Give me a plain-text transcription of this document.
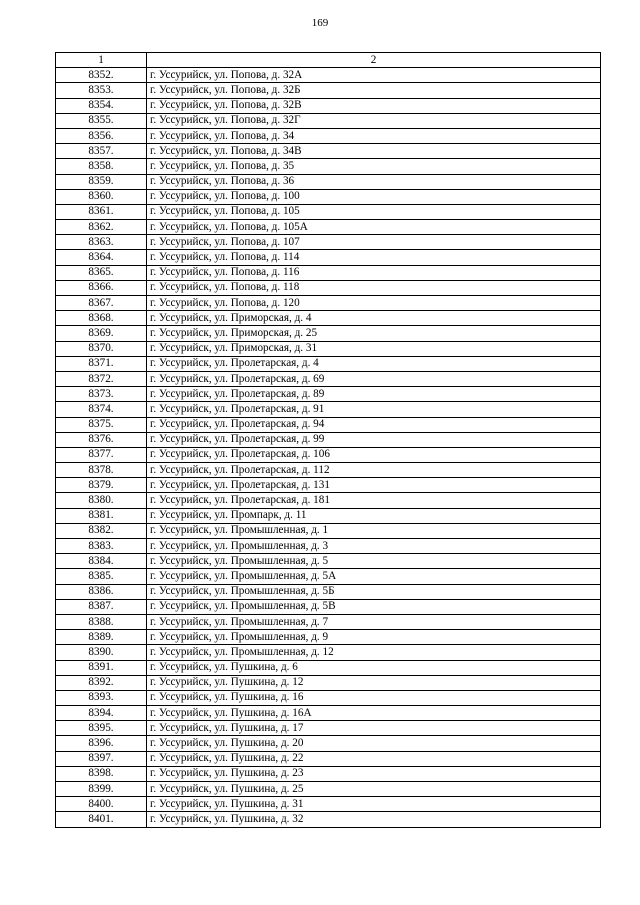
169
1	2
8352.	г. Уссурийск, ул. Попова, д. 32А
8353.	г. Уссурийск, ул. Попова, д. 32Б
8354.	г. Уссурийск, ул. Попова, д. 32В
8355.	г. Уссурийск, ул. Попова, д. 32Г
8356.	г. Уссурийск, ул. Попова, д. 34
8357.	г. Уссурийск, ул. Попова, д. 34В
8358.	г. Уссурийск, ул. Попова, д. 35
8359.	г. Уссурийск, ул. Попова, д. 36
8360.	г. Уссурийск, ул. Попова, д. 100
8361.	г. Уссурийск, ул. Попова, д. 105
8362.	г. Уссурийск, ул. Попова, д. 105А
8363.	г. Уссурийск, ул. Попова, д. 107
8364.	г. Уссурийск, ул. Попова, д. 114
8365.	г. Уссурийск, ул. Попова, д. 116
8366.	г. Уссурийск, ул. Попова, д. 118
8367.	г. Уссурийск, ул. Попова, д. 120
8368.	г. Уссурийск, ул. Приморская, д. 4
8369.	г. Уссурийск, ул. Приморская, д. 25
8370.	г. Уссурийск, ул. Приморская, д. 31
8371.	г. Уссурийск, ул. Пролетарская, д. 4
8372.	г. Уссурийск, ул. Пролетарская, д. 69
8373.	г. Уссурийск, ул. Пролетарская, д. 89
8374.	г. Уссурийск, ул. Пролетарская, д. 91
8375.	г. Уссурийск, ул. Пролетарская, д. 94
8376.	г. Уссурийск, ул. Пролетарская, д. 99
8377.	г. Уссурийск, ул. Пролетарская, д. 106
8378.	г. Уссурийск, ул. Пролетарская, д. 112
8379.	г. Уссурийск, ул. Пролетарская, д. 131
8380.	г. Уссурийск, ул. Пролетарская, д. 181
8381.	г. Уссурийск, ул. Промпарк, д. 11
8382.	г. Уссурийск, ул. Промышленная, д. 1
8383.	г. Уссурийск, ул. Промышленная, д. 3
8384.	г. Уссурийск, ул. Промышленная, д. 5
8385.	г. Уссурийск, ул. Промышленная, д. 5А
8386.	г. Уссурийск, ул. Промышленная, д. 5Б
8387.	г. Уссурийск, ул. Промышленная, д. 5В
8388.	г. Уссурийск, ул. Промышленная, д. 7
8389.	г. Уссурийск, ул. Промышленная, д. 9
8390.	г. Уссурийск, ул. Промышленная, д. 12
8391.	г. Уссурийск, ул. Пушкина, д. 6
8392.	г. Уссурийск, ул. Пушкина, д. 12
8393.	г. Уссурийск, ул. Пушкина, д. 16
8394.	г. Уссурийск, ул. Пушкина, д. 16А
8395.	г. Уссурийск, ул. Пушкина, д. 17
8396.	г. Уссурийск, ул. Пушкина, д. 20
8397.	г. Уссурийск, ул. Пушкина, д. 22
8398.	г. Уссурийск, ул. Пушкина, д. 23
8399.	г. Уссурийск, ул. Пушкина, д. 25
8400.	г. Уссурийск, ул. Пушкина, д. 31
8401.	г. Уссурийск, ул. Пушкина, д. 32
